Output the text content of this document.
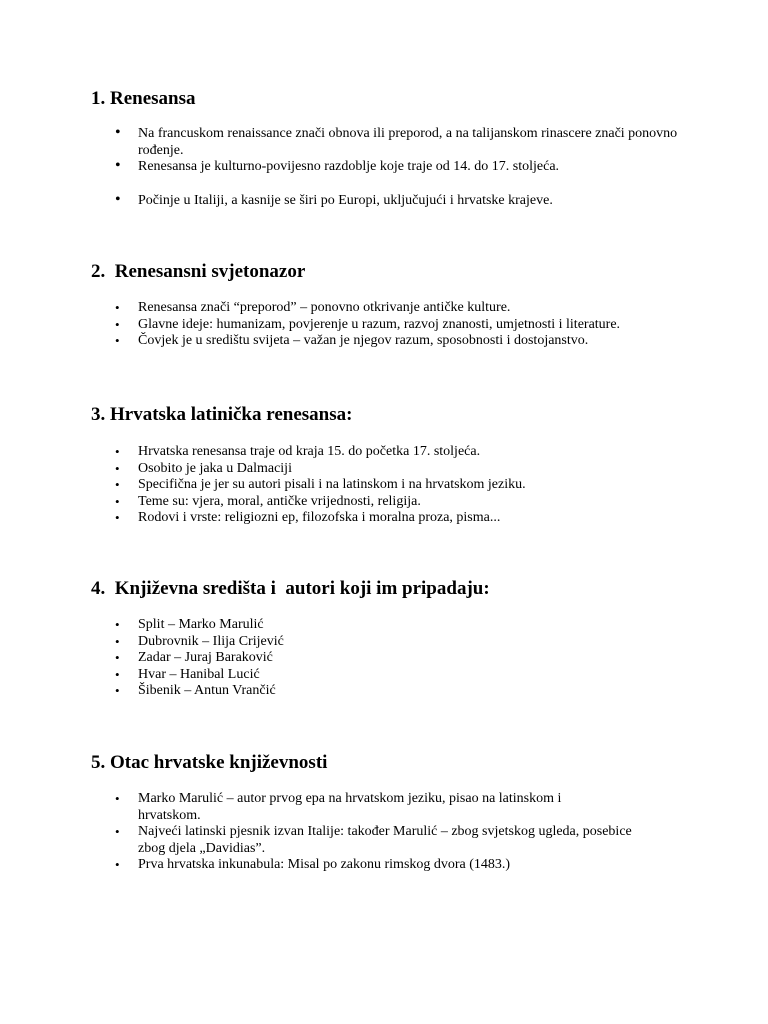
1. Renesansa
• Na francuskom renaissance znači obnova ili preporod, a na talijanskom rinascere znači ponovno rođenje.
• Renesansa je kulturno-povijesno razdoblje koje traje od 14. do 17. stoljeća.
• Počinje u Italiji, a kasnije se širi po Europi, uključujući i hrvatske krajeve.
2.  Renesansni svjetonazor
• Renesansa znači “preporod” – ponovno otkrivanje antičke kulture.
• Glavne ideje: humanizam, povjerenje u razum, razvoj znanosti, umjetnosti i literature.
• Čovjek je u središtu svijeta – važan je njegov razum, sposobnosti i dostojanstvo.
3. Hrvatska latinička renesansa:
• Hrvatska renesansa traje od kraja 15. do početka 17. stoljeća.
• Osobito je jaka u Dalmaciji
• Specifična je jer su autori pisali i na latinskom i na hrvatskom jeziku.
• Teme su: vjera, moral, antičke vrijednosti, religija.
• Rodovi i vrste: religiozni ep, filozofska i moralna proza, pisma...
4.  Književna središta i  autori koji im pripadaju:
• Split – Marko Marulić
• Dubrovnik – Ilija Crijević
• Zadar – Juraj Baraković
• Hvar – Hanibal Lucić
• Šibenik – Antun Vrančić
5. Otac hrvatske književnosti
• Marko Marulić – autor prvog epa na hrvatskom jeziku, pisao na latinskom i hrvatskom.
• Najveći latinski pjesnik izvan Italije: također Marulić – zbog svjetskog ugleda, posebice zbog djela „Davidias”.
• Prva hrvatska inkunabula: Misal po zakonu rimskog dvora (1483.)
